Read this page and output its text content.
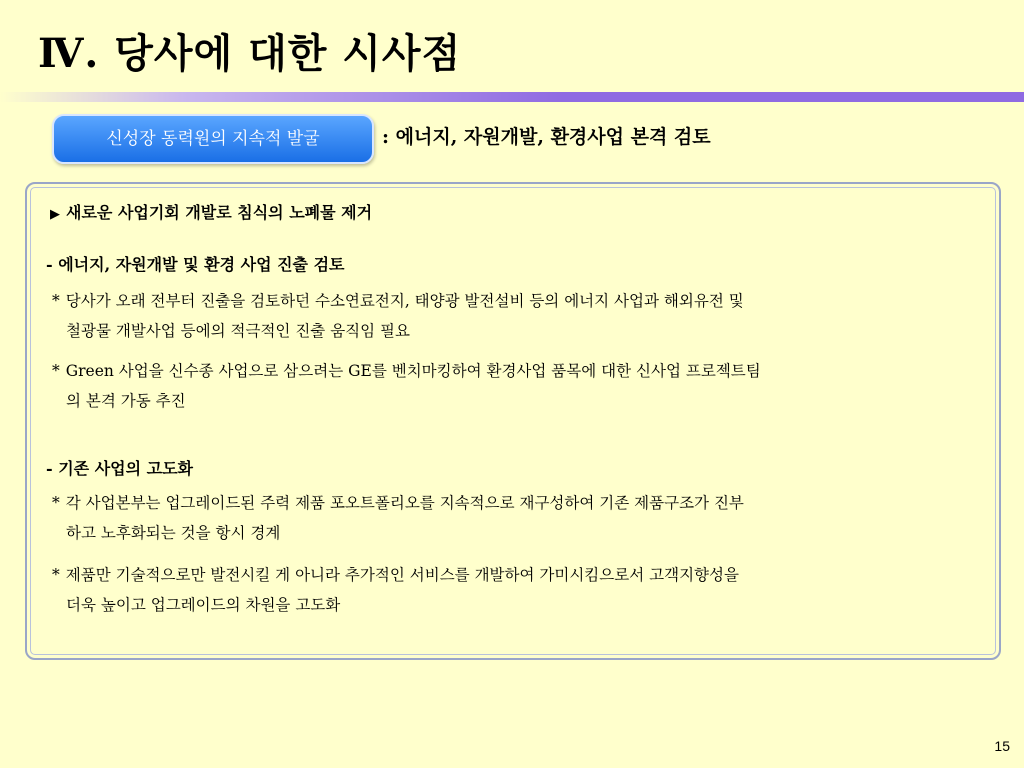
Ⅳ. 당사에 대한 시사점
신성장 동력원의 지속적 발굴	: 에너지, 자원개발, 환경사업 본격 검토
▶ 새로운 사업기회 개발로 침식의 노폐물 제거
- 에너지, 자원개발 및 환경 사업 진출 검토
* 당사가 오래 전부터 진출을 검토하던 수소연료전지, 태양광 발전설비 등의 에너지 사업과 해외유전 및
철광물 개발사업 등에의 적극적인 진출 움직임 필요
* Green 사업을 신수종 사업으로 삼으려는 GE를 벤치마킹하여 환경사업 품목에 대한 신사업 프로젝트팀
의 본격 가동 추진
- 기존 사업의 고도화
* 각 사업본부는 업그레이드된 주력 제품 포오트폴리오를 지속적으로 재구성하여 기존 제품구조가 진부
하고 노후화되는 것을 항시 경계
* 제품만 기술적으로만 발전시킬 게 아니라 추가적인 서비스를 개발하여 가미시킴으로서 고객지향성을
더욱 높이고 업그레이드의 차원을 고도화
15
